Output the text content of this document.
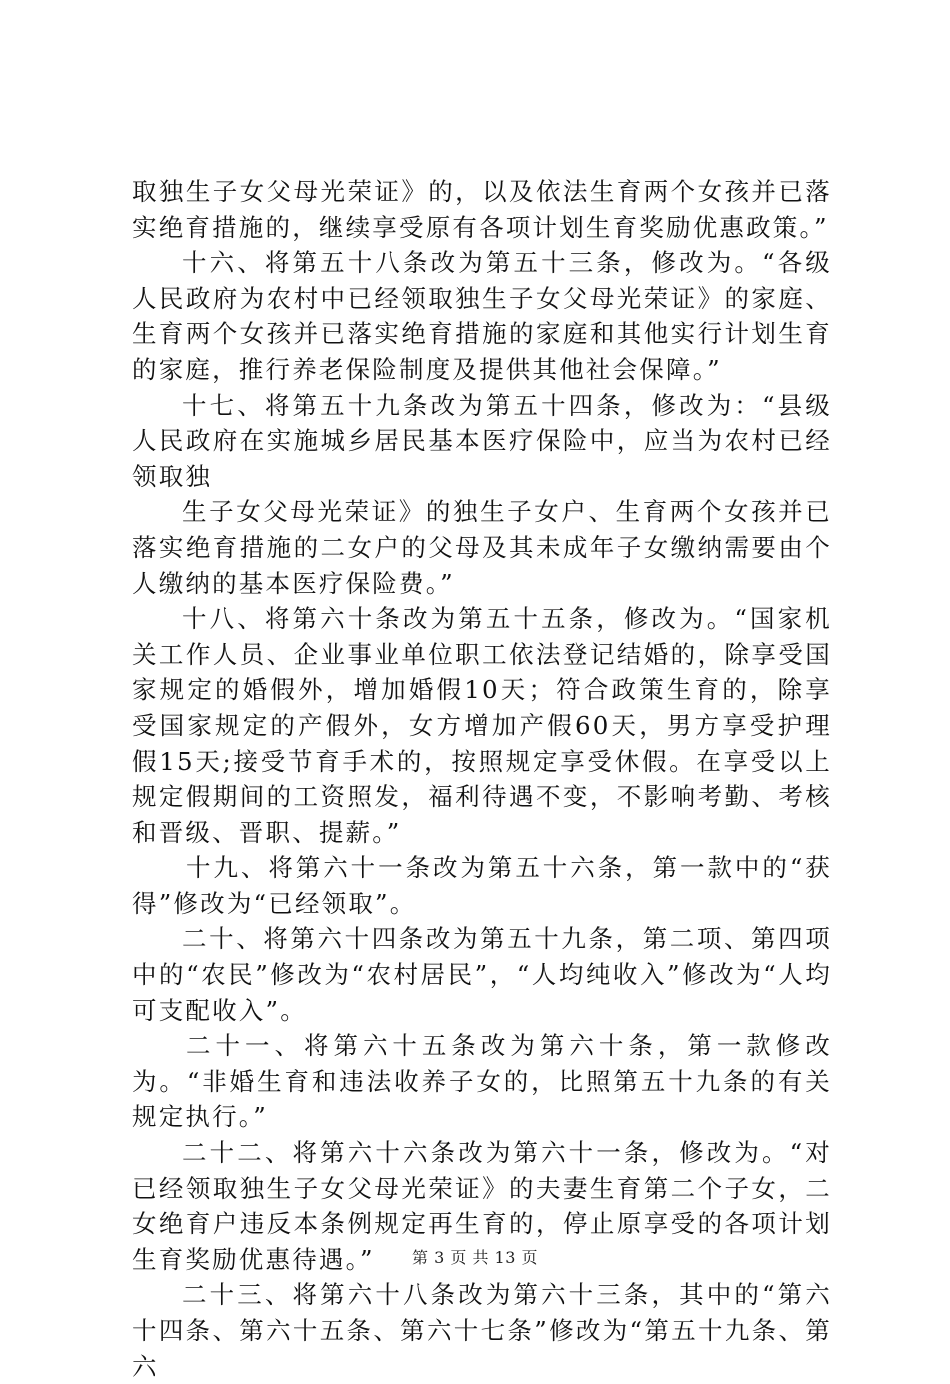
取独生子女父母光荣证》的，以及依法生育两个女孩并已落实绝育措施的，继续享受原有各项计划生育奖励优惠政策。”

十六、将第五十八条改为第五十三条，修改为。“各级人民政府为农村中已经领取独生子女父母光荣证》的家庭、生育两个女孩并已落实绝育措施的家庭和其他实行计划生育的家庭，推行养老保险制度及提供其他社会保障。”

十七、将第五十九条改为第五十四条，修改为：“县级人民政府在实施城乡居民基本医疗保险中，应当为农村已经领取独

生子女父母光荣证》的独生子女户、生育两个女孩并已落实绝育措施的二女户的父母及其未成年子女缴纳需要由个人缴纳的基本医疗保险费。”

十八、将第六十条改为第五十五条，修改为。“国家机关工作人员、企业事业单位职工依法登记结婚的，除享受国家规定的婚假外，增加婚假10天；符合政策生育的，除享受国家规定的产假外，女方增加产假60天，男方享受护理假15天;接受节育手术的，按照规定享受休假。在享受以上规定假期间的工资照发，福利待遇不变，不影响考勤、考核和晋级、晋职、提薪。”

十九、将第六十一条改为第五十六条，第一款中的“获得”修改为“已经领取”。

二十、将第六十四条改为第五十九条，第二项、第四项中的“农民”修改为“农村居民”，“人均纯收入”修改为“人均可支配收入”。

二十一、将第六十五条改为第六十条，第一款修改为。“非婚生育和违法收养子女的，比照第五十九条的有关规定执行。”

二十二、将第六十六条改为第六十一条，修改为。“对已经领取独生子女父母光荣证》的夫妻生育第二个子女，二女绝育户违反本条例规定再生育的，停止原享受的各项计划生育奖励优惠待遇。”

二十三、将第六十八条改为第六十三条，其中的“第六十四条、第六十五条、第六十七条”修改为“第五十九条、第六

第 3 页 共 13 页
